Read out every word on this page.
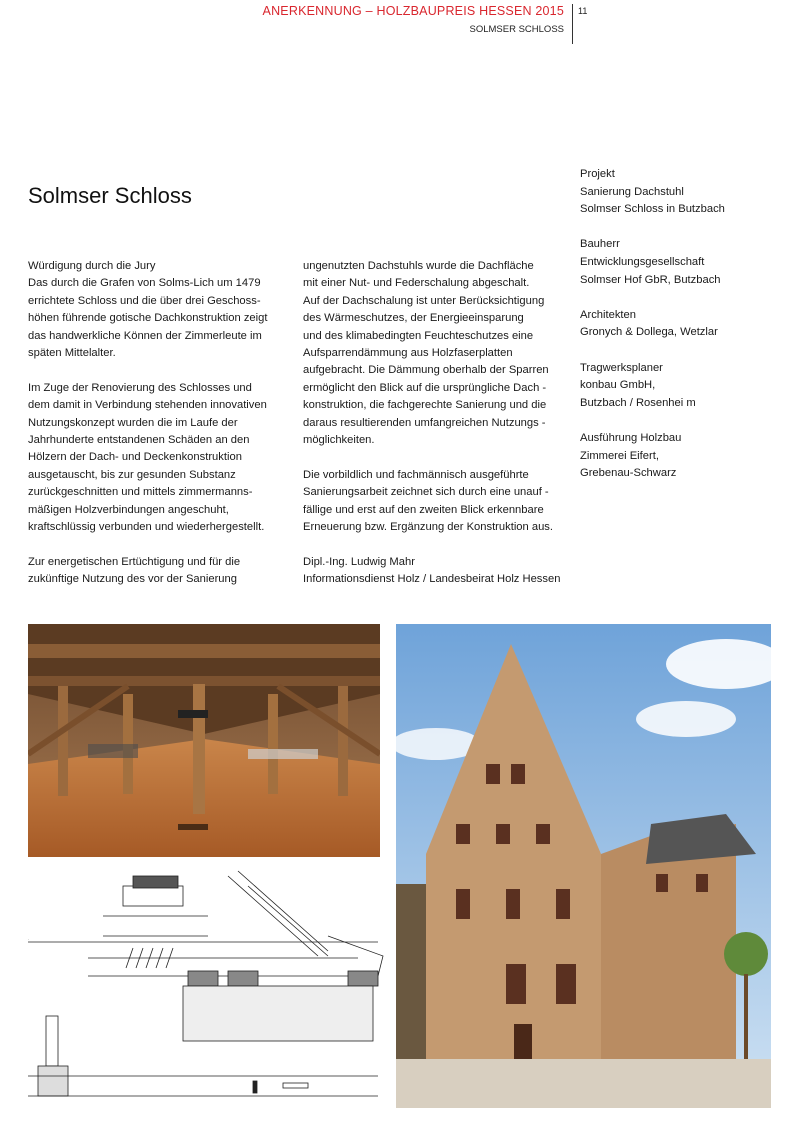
ANERKENNUNG – HOLZBAUPREIS HESSEN 2015
SOLMSER SCHLOSS
11
Solmser Schloss

Würdigung durch die Jury
Das durch die Grafen von Solms-Lich um 1479
errichtete Schloss und die über drei Geschoss-
höhen führende gotische Dachkonstruktion zeigt
das handwerkliche Können der Zimmerleute im
späten Mittelalter.

Im Zuge der Renovierung des Schlosses und
dem damit in Verbindung stehenden innovativen
Nutzungskonzept wurden die im Laufe der
Jahrhunderte entstandenen Schäden an den
Hölzern der Dach- und Deckenkonstruktion
ausgetauscht, bis zur gesunden Substanz
zurückgeschnitten und mittels zimmermanns-
mäßigen Holzverbindungen angeschuht,
kraftschlüssig verbunden und wiederhergestellt.

Zur energetischen Ertüchtigung und für die
zukünftige Nutzung des vor der Sanierung

ungenutzten Dachstuhls wurde die Dachfläche
mit einer Nut- und Federschalung abgeschalt.
Auf der Dachschalung ist unter Berücksichtigung
des Wärmeschutzes, der Energieeinsparung
und des klimabedingten Feuchteschutzes eine
Aufsparrendämmung aus Holzfaserplatten
aufgebracht. Die Dämmung oberhalb der Sparren
ermöglicht den Blick auf die ursprüngliche Dach -
konstruktion, die fachgerechte Sanierung und die
daraus resultierenden umfangreichen Nutzungs -
möglichkeiten.

Die vorbildlich und fachmännisch ausgeführte
Sanierungsarbeit zeichnet sich durch eine unauf -
fällige und erst auf den zweiten Blick erkennbare
Erneuerung bzw. Ergänzung der Konstruktion aus.

Dipl.-Ing. Ludwig Mahr
Informationsdienst Holz / Landesbeirat Holz Hessen

Projekt
Sanierung Dachstuhl
Solmser Schloss in Butzbach
Bauherr
Entwicklungsgesellschaft
Solmser Hof GbR, Butzbach
Architekten
Gronych & Dollega, Wetzlar
Tragwerksplaner
konbau GmbH,
Butzbach / Rosenhei m
Ausführung Holzbau
Zimmerei Eifert,
Grebenau-Schwarz
.
